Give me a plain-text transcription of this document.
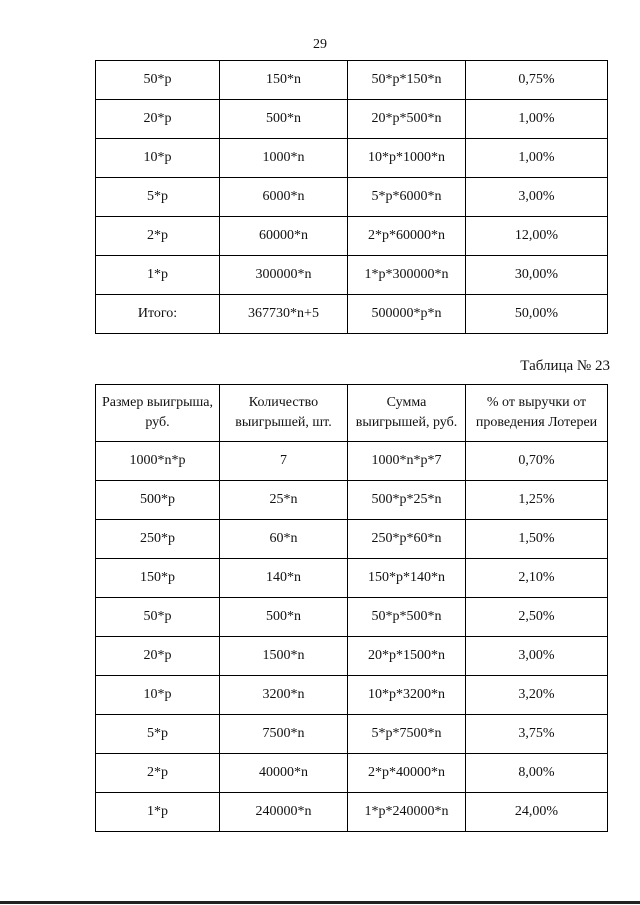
29
50*p	150*n	50*p*150*n	0,75%
20*p	500*n	20*p*500*n	1,00%
10*p	1000*n	10*p*1000*n	1,00%
5*p	6000*n	5*p*6000*n	3,00%
2*p	60000*n	2*p*60000*n	12,00%
1*p	300000*n	1*p*300000*n	30,00%
Итого:	367730*n+5	500000*p*n	50,00%
Таблица № 23
Размер выигрыша, руб.	Количество выигрышей, шт.	Сумма выигрышей, руб.	% от выручки от проведения Лотереи
1000*n*p	7	1000*n*p*7	0,70%
500*p	25*n	500*p*25*n	1,25%
250*p	60*n	250*p*60*n	1,50%
150*p	140*n	150*p*140*n	2,10%
50*p	500*n	50*p*500*n	2,50%
20*p	1500*n	20*p*1500*n	3,00%
10*p	3200*n	10*p*3200*n	3,20%
5*p	7500*n	5*p*7500*n	3,75%
2*p	40000*n	2*p*40000*n	8,00%
1*p	240000*n	1*p*240000*n	24,00%
